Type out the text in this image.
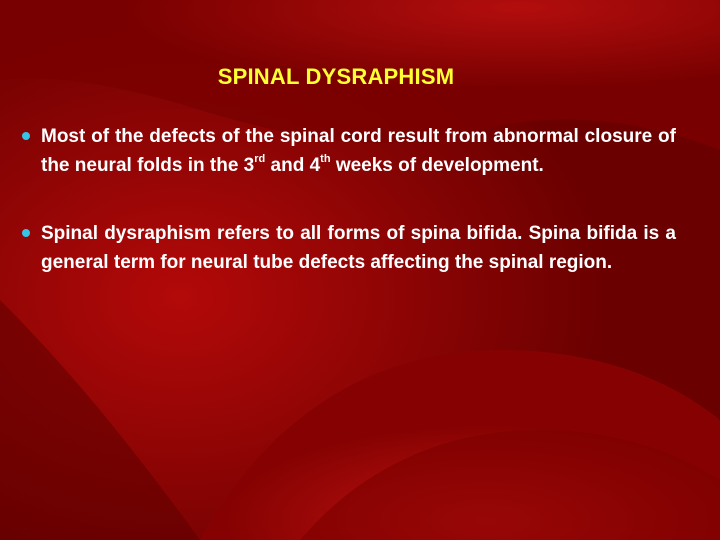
SPINAL DYSRAPHISM
Most of the defects of the spinal cord result from abnormal closure of the neural folds in the 3rd and 4th weeks of development.
Spinal dysraphism refers to all forms of spina bifida. Spina bifida is a general term for neural tube defects affecting the spinal region.
